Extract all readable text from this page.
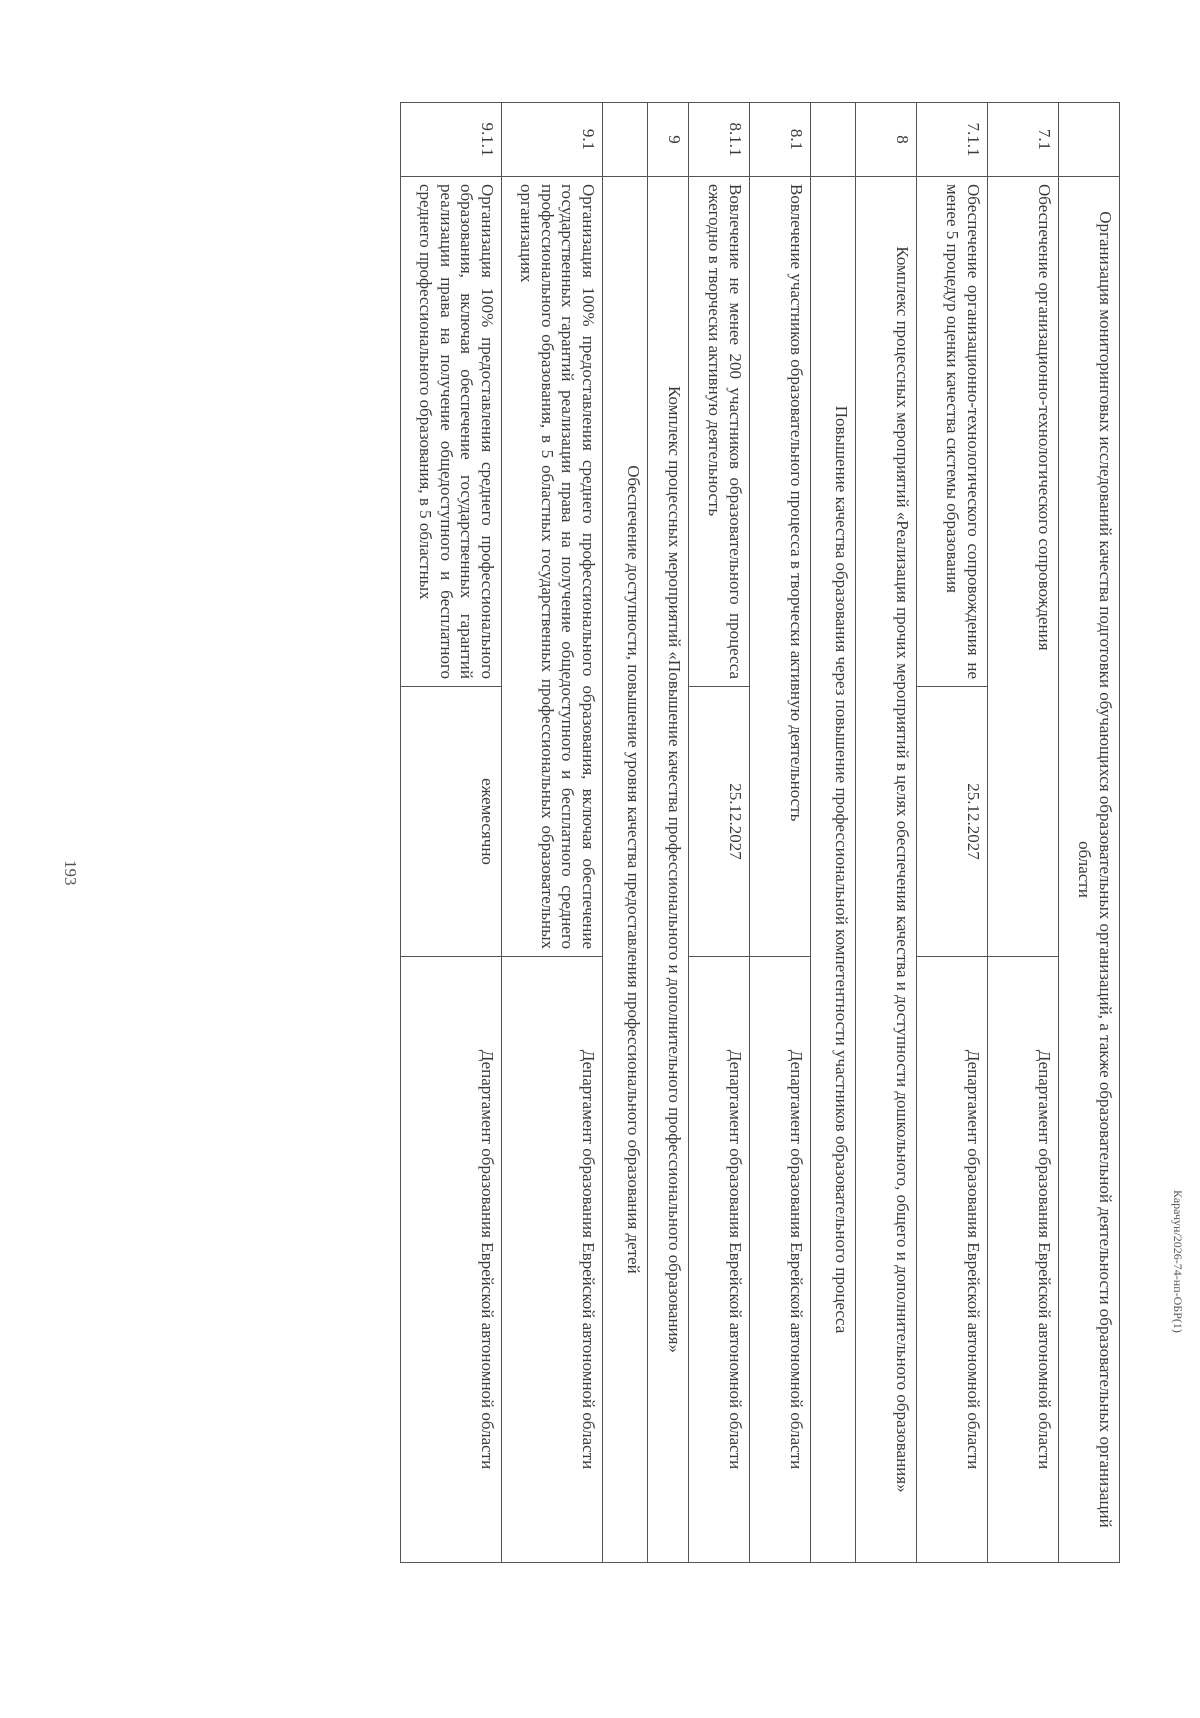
193
		Организация мониторинговых исследований качества подготовки обучающихся образовательных организаций, а также образовательной деятельности образовательных организаций области		
7.1	Обеспечение организационно-технологического сопровождения		Департамент образования Еврейской автономной области
7.1.1	Обеспечение организационно-технологического сопровождения не менее 5 процедур оценки качества системы образования	25.12.2027	Департамент образования Еврейской автономной области
8	Комплекс процессных мероприятий «Реализация прочих мероприятий в целях обеспечения качества и доступности дошкольного, общего и дополнительного образования»		
	Повышение качества образования через повышение профессиональной компетентности участников образовательного процесса		
8.1	Вовлечение участников образовательного процесса в творчески активную деятельность		Департамент образования Еврейской автономной области
8.1.1	Вовлечение не менее 200 участников образовательного процесса ежегодно в творчески активную деятельность	25.12.2027	Департамент образования Еврейской автономной области
9	Комплекс процессных мероприятий «Повышение качества профессионального и дополнительного профессионального образования»		
	Обеспечение доступности, повышение уровня качества предоставления профессионального образования детей		
9.1	Организация 100% предоставления среднего профессионального образования, включая обеспечение государственных гарантий реализации права на получение общедоступного и бесплатного среднего профессионального образования, в 5 областных государственных профессиональных образовательных организациях		Департамент образования Еврейской автономной области
9.1.1	Организация 100% предоставления среднего профессионального образования, включая обеспечение государственных гарантий реализации права на получение общедоступного и бесплатного среднего профессионального образования, в 5 областных	ежемесячно	Департамент образования Еврейской автономной области	Карачун/2026-74-нп-ОБР(1)
